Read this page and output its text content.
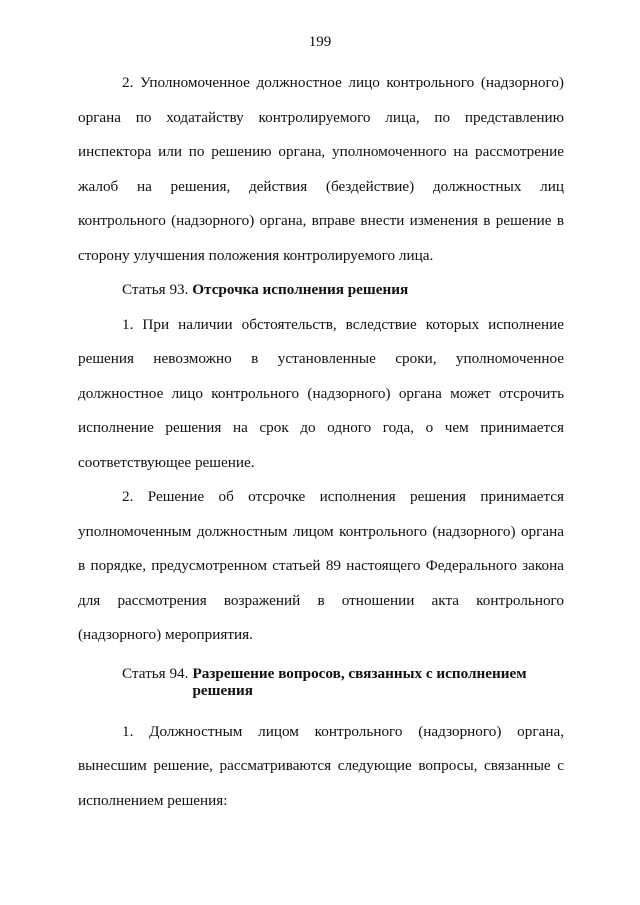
199

2. Уполномоченное должностное лицо контрольного (надзорного) органа по ходатайству контролируемого лица, по представлению инспектора или по решению органа, уполномоченного на рассмотрение жалоб на решения, действия (бездействие) должностных лиц контрольного (надзорного) органа, вправе внести изменения в решение в сторону улучшения положения контролируемого лица.

Статья 93. Отсрочка исполнения решения

1. При наличии обстоятельств, вследствие которых исполнение решения невозможно в установленные сроки, уполномоченное должностное лицо контрольного (надзорного) органа может отсрочить исполнение решения на срок до одного года, о чем принимается соответствующее решение.

2. Решение об отсрочке исполнения решения принимается уполномоченным должностным лицом контрольного (надзорного) органа в порядке, предусмотренном статьей 89 настоящего Федерального закона для рассмотрения возражений в отношении акта контрольного (надзорного) мероприятия.

Статья 94. Разрешение вопросов, связанных с исполнением решения

1. Должностным лицом контрольного (надзорного) органа, вынесшим решение, рассматриваются следующие вопросы, связанные с исполнением решения:
